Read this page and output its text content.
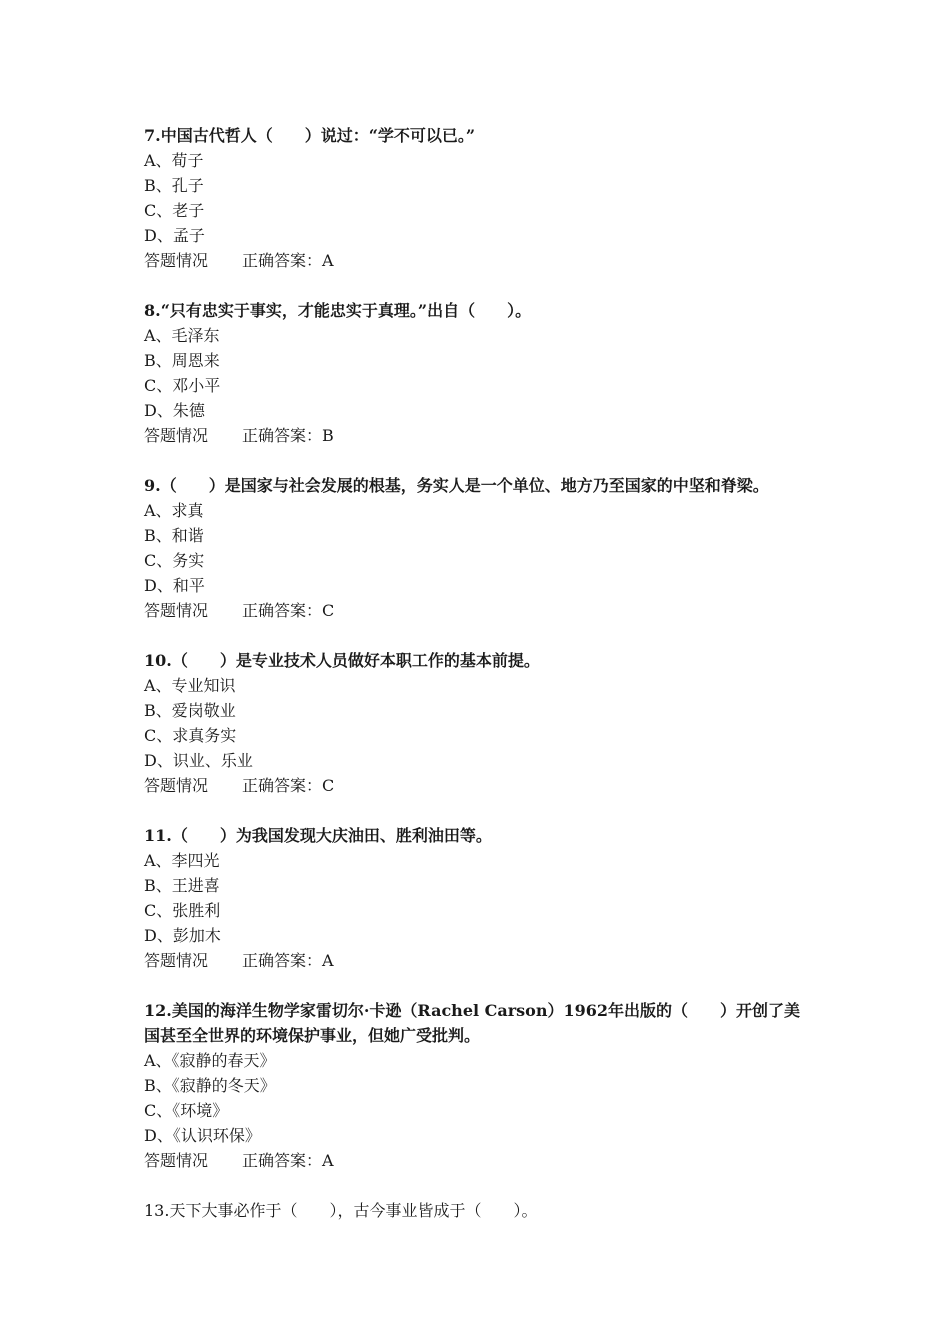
7.中国古代哲人（　　）说过：“学不可以已。”
A、荀子
B、孔子
C、老子
D、孟子
答题情况 正确答案：A
8.“只有忠实于事实，才能忠实于真理。”出自（　　）。
A、毛泽东
B、周恩来
C、邓小平
D、朱德
答题情况 正确答案：B
9.（　　）是国家与社会发展的根基，务实人是一个单位、地方乃至国家的中坚和脊梁。
A、求真
B、和谐
C、务实
D、和平
答题情况 正确答案：C
10.（　　）是专业技术人员做好本职工作的基本前提。
A、专业知识
B、爱岗敬业
C、求真务实
D、识业、乐业
答题情况 正确答案：C
11.（　　）为我国发现大庆油田、胜利油田等。
A、李四光
B、王进喜
C、张胜利
D、彭加木
答题情况 正确答案：A
12.美国的海洋生物学家雷切尔·卡逊（Rachel Carson）1962年出版的（　　）开创了美国甚至全世界的环境保护事业，但她广受批判。
A、《寂静的春天》
B、《寂静的冬天》
C、《环境》
D、《认识环保》
答题情况 正确答案：A
13.天下大事必作于（　　），古今事业皆成于（　　）。
